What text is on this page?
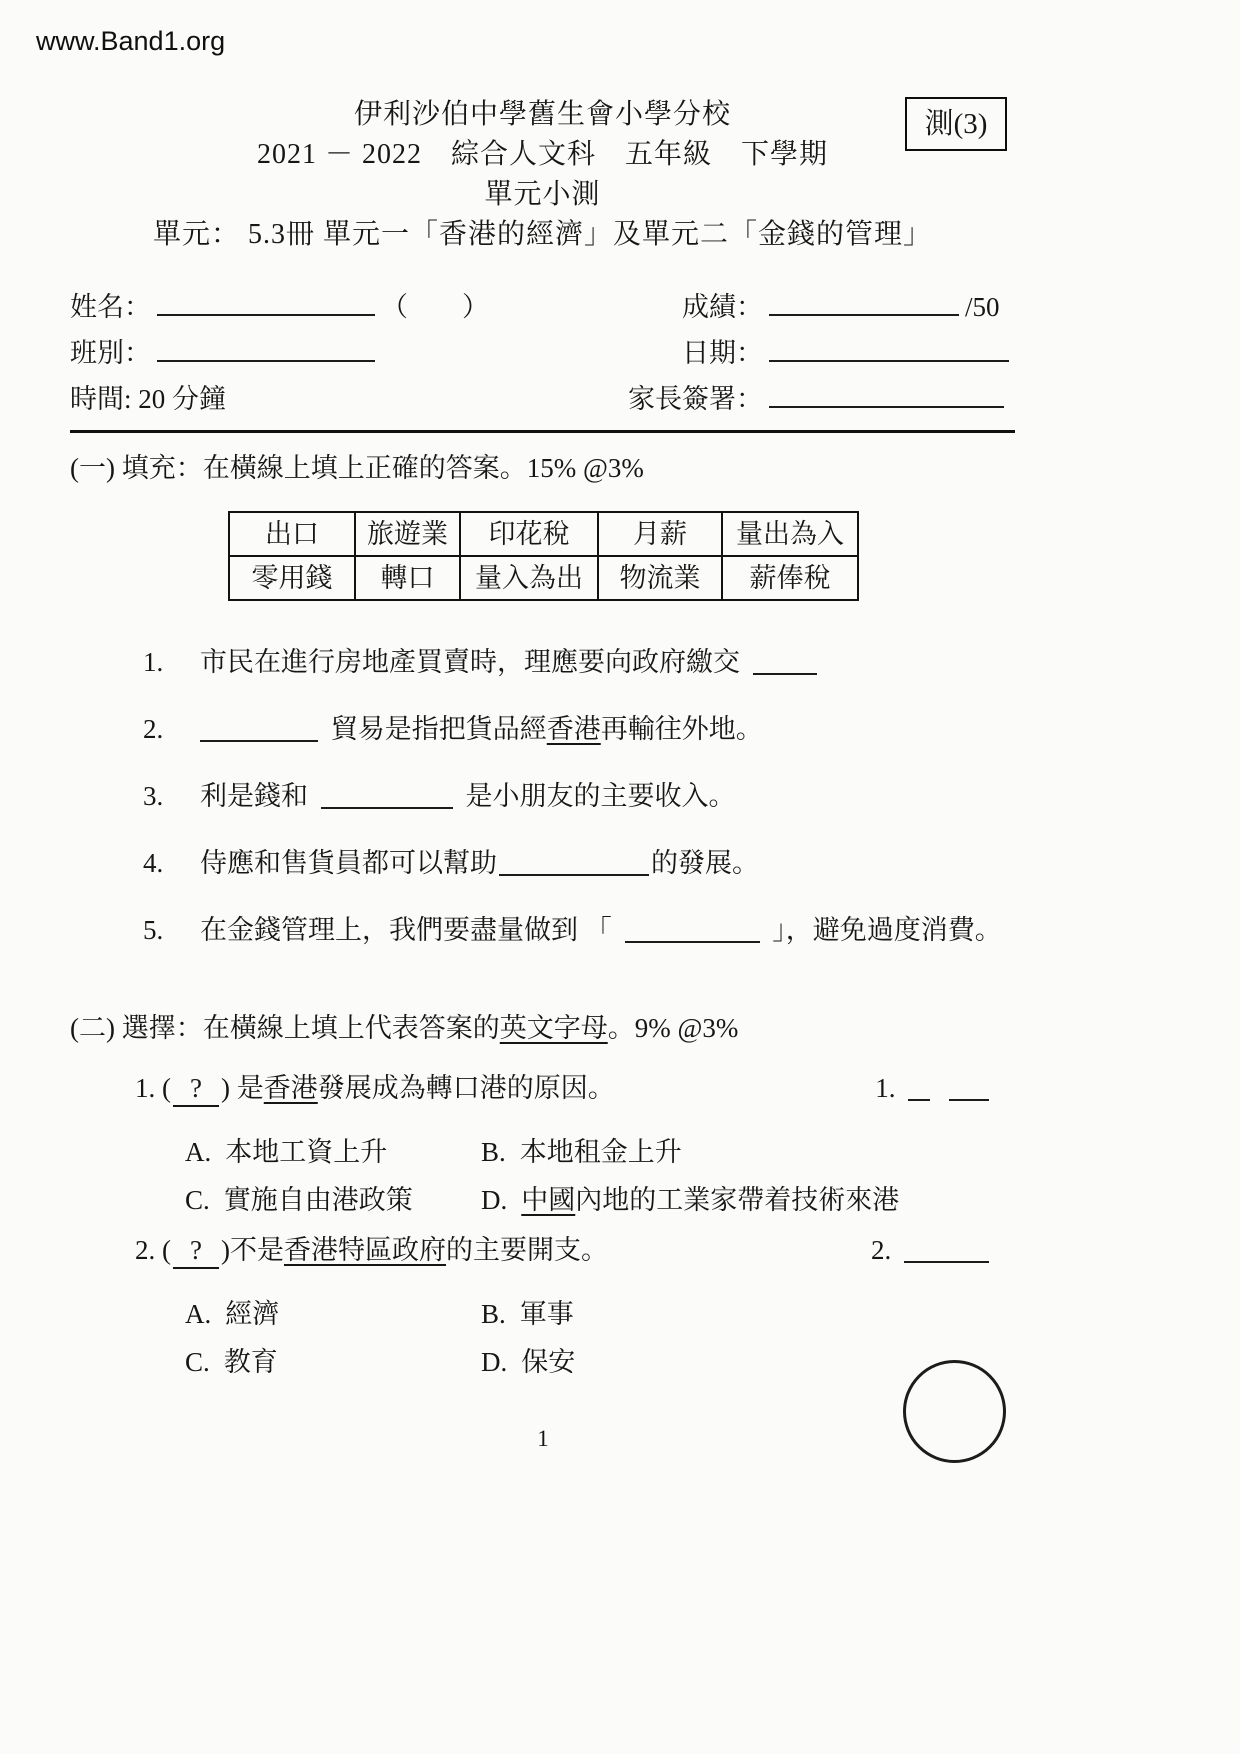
www.Band1.org
測(3)
伊利沙伯中學舊生會小學分校
2021 － 2022　綜合人文科　五年級　下學期
單元小測
單元： 5.3冊 單元一「香港的經濟」及單元二「金錢的管理」
姓名：	（　　）	成績：	/50
班別：	日期：
時間: 20 分鐘	家長簽署：
(一) 填充：在橫線上填上正確的答案。15% @3%
出口	旅遊業	印花稅	月薪	量出為入
零用錢	轉口	量入為出	物流業	薪俸稅
1.	市民在進行房地產買賣時，理應要向政府繳交
2.	貿易是指把貨品經香港再輸往外地。
3.	利是錢和	是小朋友的主要收入。
4.	侍應和售貨員都可以幫助	的發展。
5.	在金錢管理上，我們要盡量做到 「	」，避免過度消費。
(二) 選擇：在橫線上填上代表答案的英文字母。9% @3%
1. ( ? ) 是香港發展成為轉口港的原因。	1.
A. 本地工資上升	B. 本地租金上升
C. 實施自由港政策	D. 中國內地的工業家帶着技術來港
2. ( ? )不是香港特區政府的主要開支。	2.
A. 經濟	B. 軍事
C. 教育	D. 保安
1
